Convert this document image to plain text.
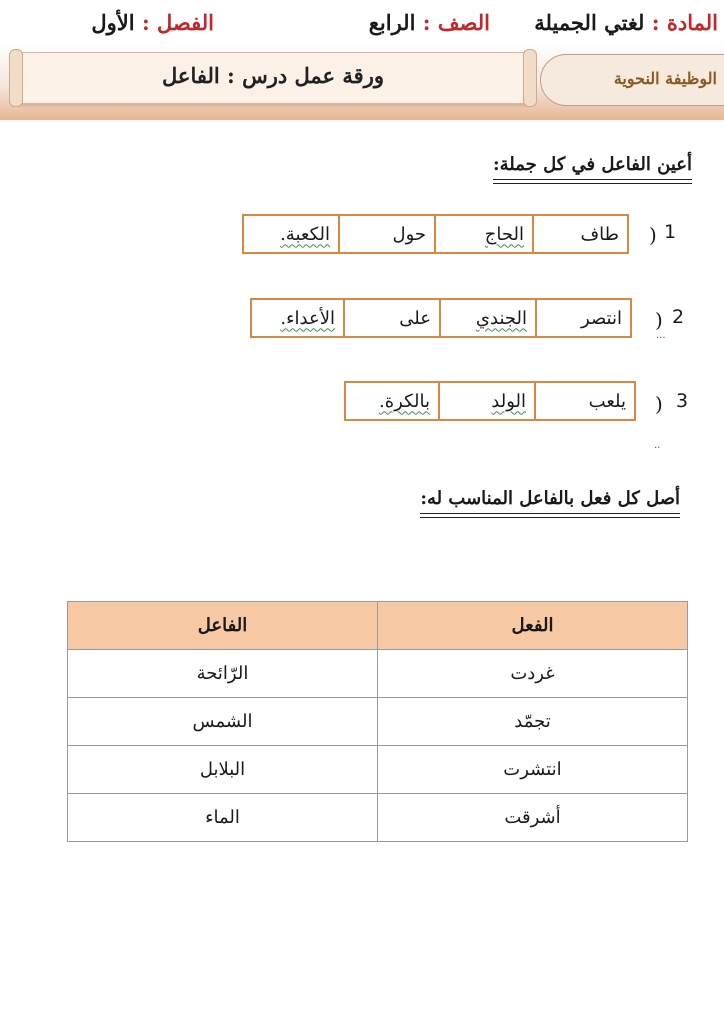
المادة : لغتي الجميلة
الصف : الرابع
الفصل : الأول
ورقة عمل درس : الفاعل	الوظيفة النحوية
أعين الفاعل في كل جملة:
1
(
طاف
الحاج
حول
الكعبة.
2
(
...
انتصر
الجندي
على
الأعداء.
3
(
..
يلعب
الولد
بالكرة.
أصل كل فعل بالفاعل المناسب له:
الفعل	الفاعل
غردت	الرّائحة
تجمّد	الشمس
انتشرت	البلابل
أشرقت	الماء
